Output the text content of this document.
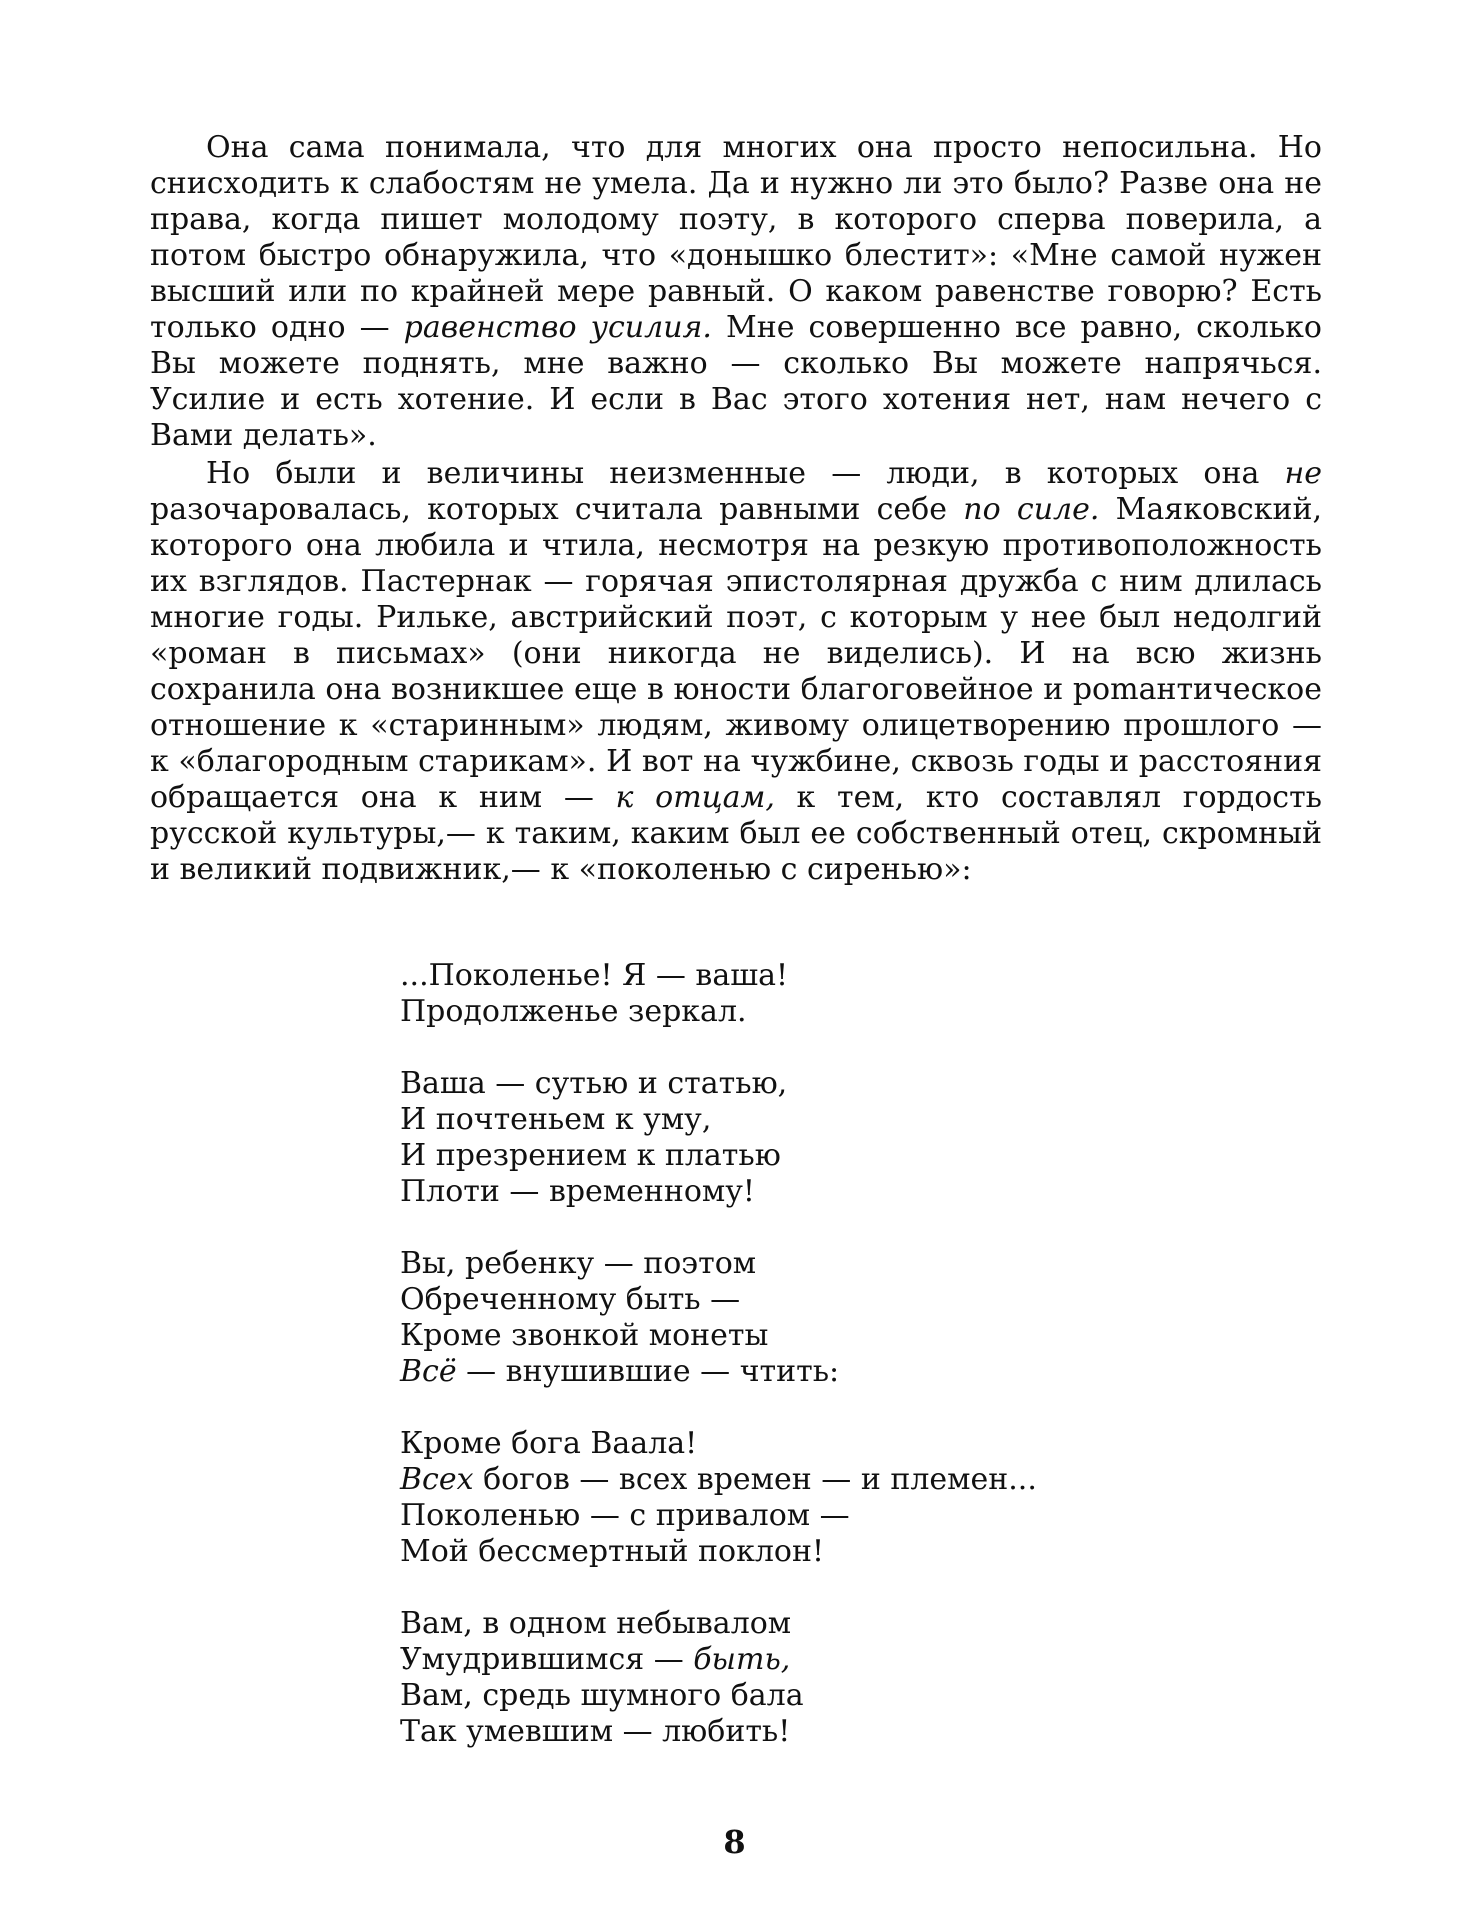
Она сама понимала, что для многих она просто непосильна. Но снисходить к слабостям не умела. Да и нужно ли это было? Разве она не права, когда пишет молодому поэту, в которого сперва поверила, а потом быстро обнаружила, что «донышко блестит»: «Мне самой нужен высший или по крайней мере равный. О каком равенстве говорю? Есть только одно — равенство усилия. Мне совершенно все равно, сколько Вы можете поднять, мне важно — сколько Вы можете напрячься. Усилие и есть хотение. И если в Вас этого хотения нет, нам нечего с Вами делать».

Но были и величины неизменные — люди, в которых она не разочаровалась, которых считала равными себе по силе. Маяковский, которого она любила и чтила, несмотря на резкую противоположность их взглядов. Пастернак — горячая эпистолярная дружба с ним длилась многие годы. Рильке, австрийский поэт, с которым у нее был недолгий «роман в письмах» (они никогда не виделись). И на всю жизнь сохранила она возникшее еще в юности благоговейное и роmантическое отношение к «старинным» людям, живому олицетворению прошлого — к «благородным старикам». И вот на чужбине, сквозь годы и расстояния обращается она к ним — к отцам, к тем, кто составлял гордость русской культуры,— к таким, каким был ее собственный отец, скромный и великий подвижник,— к «поколенью с сиренью»:

...Поколенье! Я — ваша!
Продолженье зеркал.
Ваша — сутью и статью,
И почтеньем к уму,
И презрением к платью
Плоти — временному!
Вы, ребенку — поэтом
Обреченному быть —
Кроме звонкой монеты
Всё — внушившие — чтить:
Кроме бога Ваала!
Всех богов — всех времен — и племен...
Поколенью — с привалом —
Мой бессмертный поклон!
Вам, в одном небывалом
Умудрившимся — быть,
Вам, средь шумного бала
Так умевшим — любить!
8
